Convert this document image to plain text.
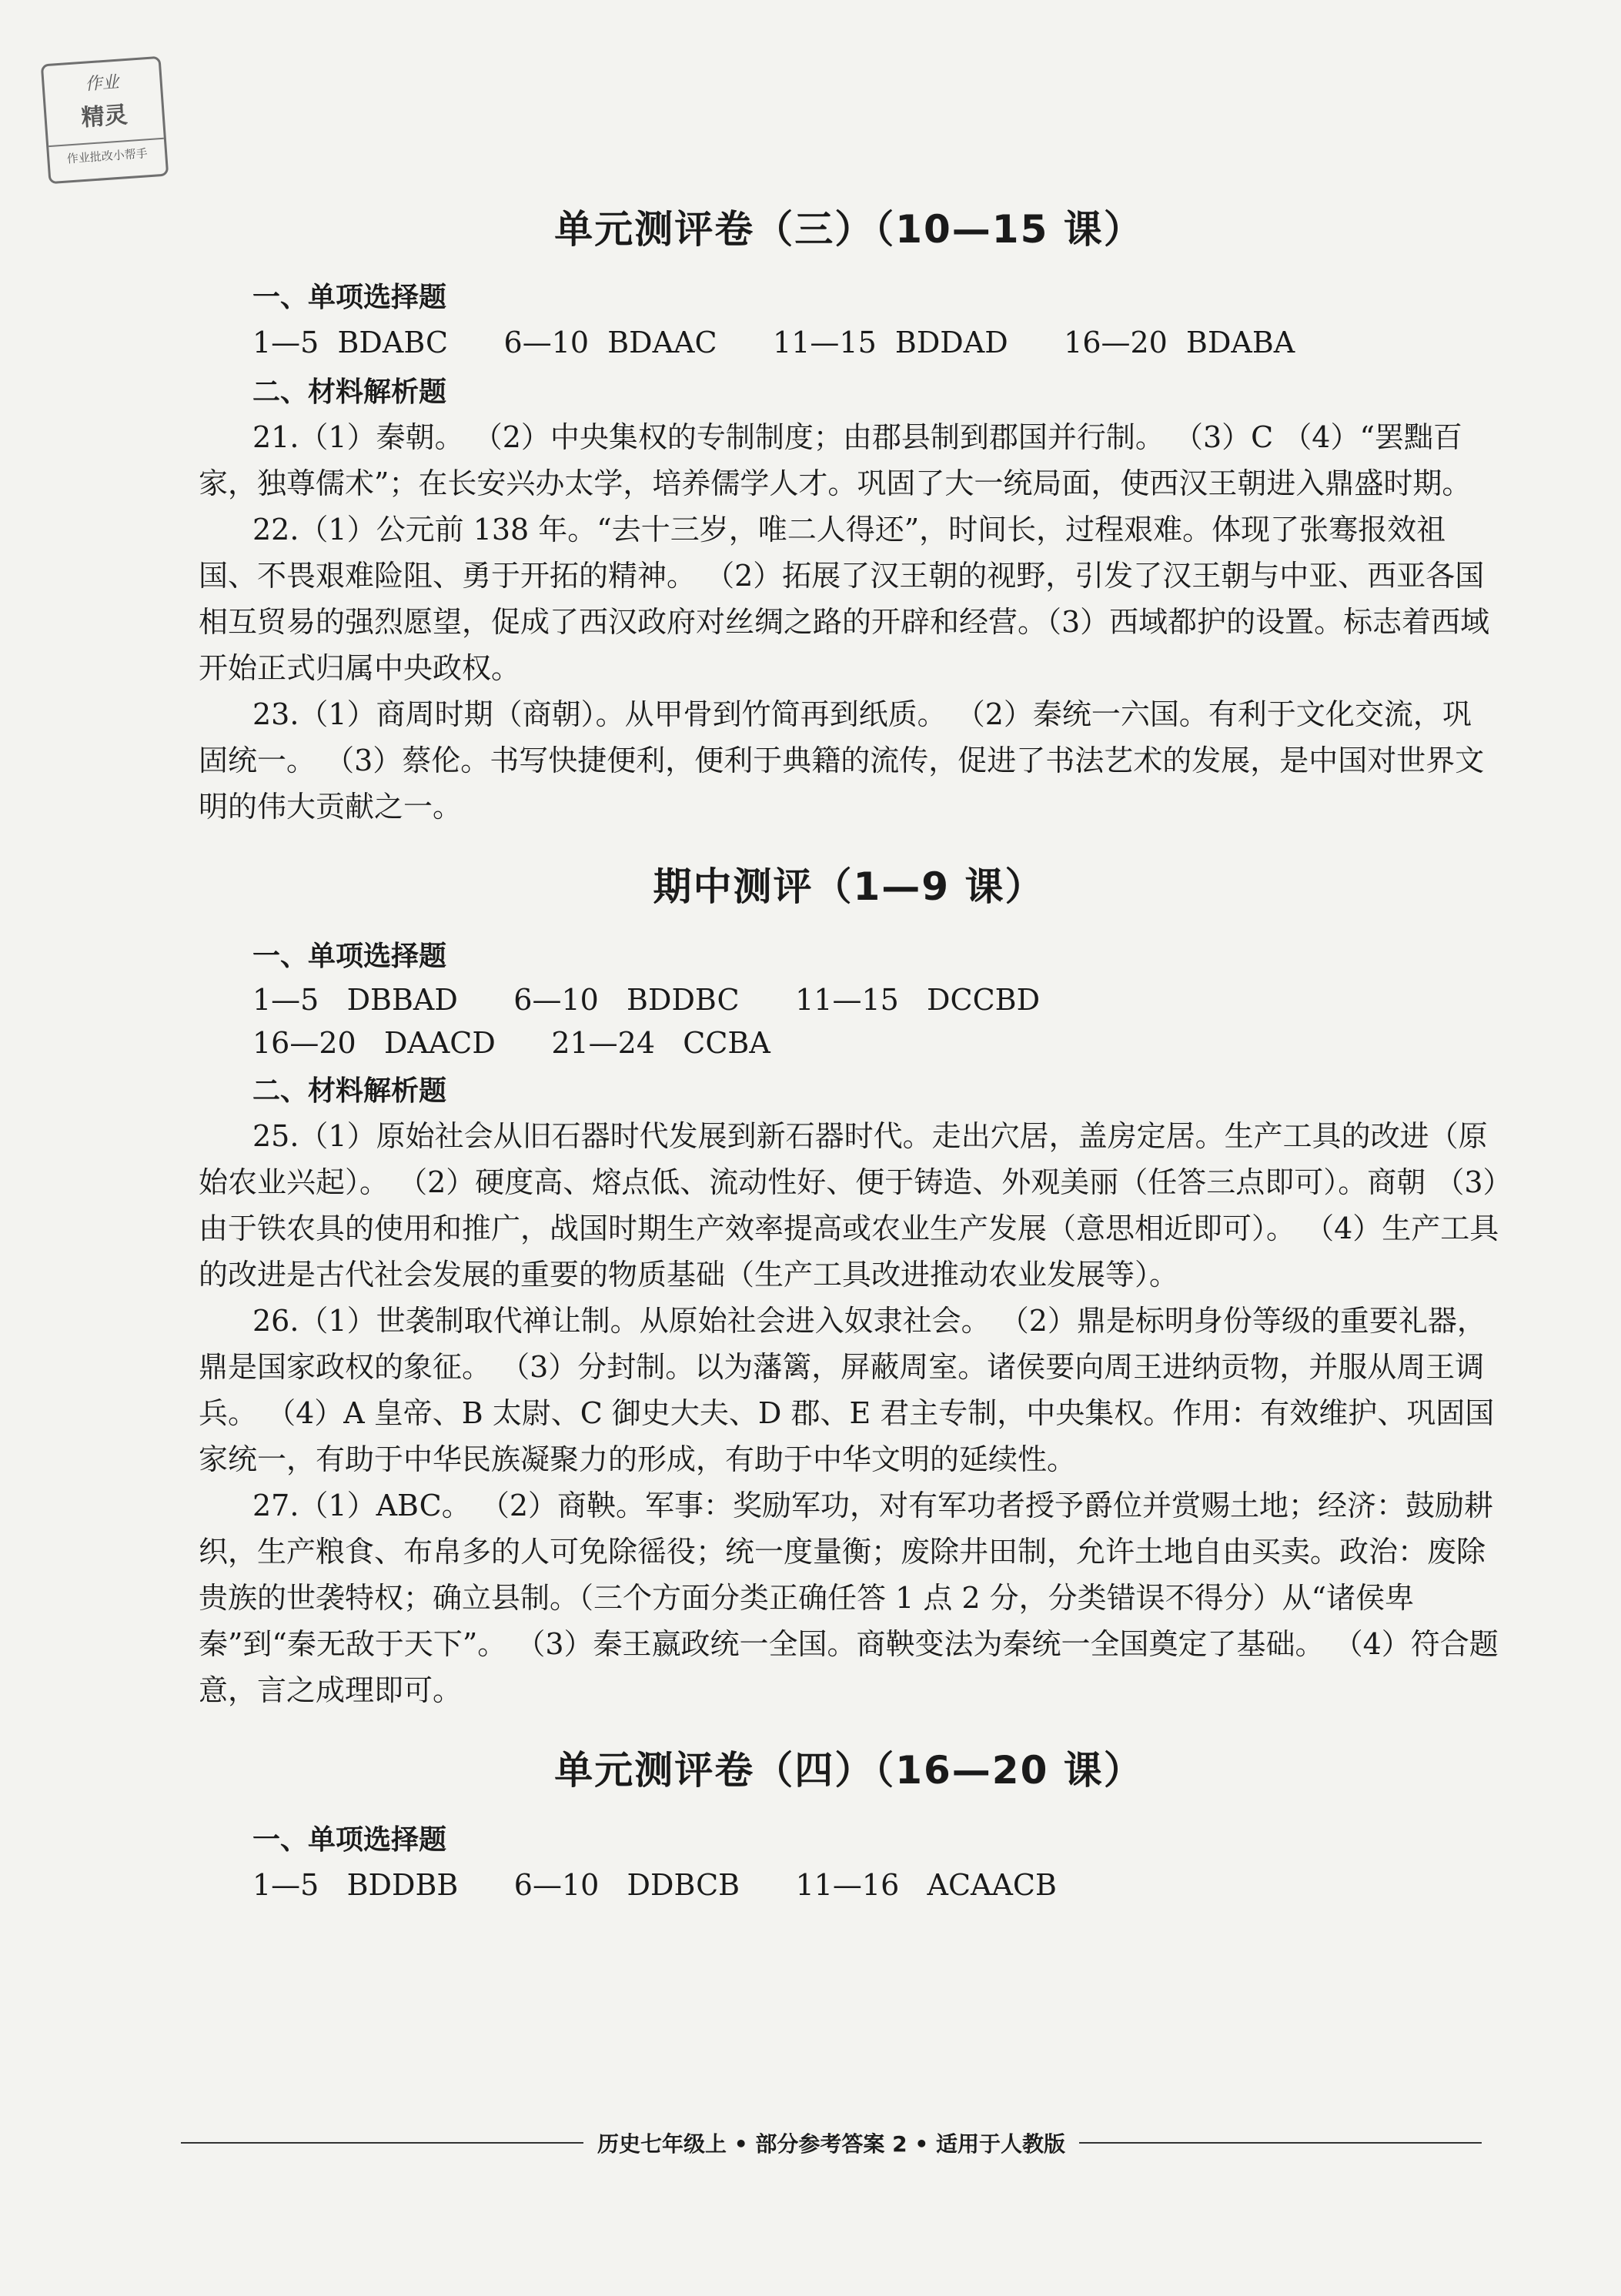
作业
精灵
作业批改小帮手
单元测评卷（三）（10—15 课）
一、单项选择题
1—5  BDABC      6—10  BDAAC      11—15  BDDAD      16—20  BDABA
二、材料解析题

21.（1）秦朝。 （2）中央集权的专制制度；由郡县制到郡国并行制。 （3）C （4）“罢黜百家，独尊儒术”；在长安兴办太学，培养儒学人才。巩固了大一统局面，使西汉王朝进入鼎盛时期。

22.（1）公元前 138 年。“去十三岁，唯二人得还”，时间长，过程艰难。体现了张骞报效祖国、不畏艰难险阻、勇于开拓的精神。 （2）拓展了汉王朝的视野，引发了汉王朝与中亚、西亚各国相互贸易的强烈愿望，促成了西汉政府对丝绸之路的开辟和经营。（3）西域都护的设置。标志着西域开始正式归属中央政权。

23.（1）商周时期（商朝）。从甲骨到竹简再到纸质。 （2）秦统一六国。有利于文化交流，巩固统一。 （3）蔡伦。书写快捷便利，便利于典籍的流传，促进了书法艺术的发展，是中国对世界文明的伟大贡献之一。

期中测评（1—9 课）
一、单项选择题
1—5   DBBAD      6—10   BDDBC      11—15   DCCBD
16—20   DAACD      21—24   CCBA
二、材料解析题

25.（1）原始社会从旧石器时代发展到新石器时代。走出穴居，盖房定居。生产工具的改进（原始农业兴起）。 （2）硬度高、熔点低、流动性好、便于铸造、外观美丽（任答三点即可）。商朝 （3）由于铁农具的使用和推广，战国时期生产效率提高或农业生产发展（意思相近即可）。 （4）生产工具的改进是古代社会发展的重要的物质基础（生产工具改进推动农业发展等）。

26.（1）世袭制取代禅让制。从原始社会进入奴隶社会。 （2）鼎是标明身份等级的重要礼器，鼎是国家政权的象征。 （3）分封制。以为藩篱，屏蔽周室。诸侯要向周王进纳贡物，并服从周王调兵。 （4）A 皇帝、B 太尉、C 御史大夫、D 郡、E 君主专制，中央集权。作用：有效维护、巩固国家统一，有助于中华民族凝聚力的形成，有助于中华文明的延续性。

27.（1）ABC。 （2）商鞅。军事：奖励军功，对有军功者授予爵位并赏赐土地；经济：鼓励耕织，生产粮食、布帛多的人可免除徭役；统一度量衡；废除井田制，允许土地自由买卖。政治：废除贵族的世袭特权；确立县制。（三个方面分类正确任答 1 点 2 分，分类错误不得分）从“诸侯卑秦”到“秦无敌于天下”。 （3）秦王嬴政统一全国。商鞅变法为秦统一全国奠定了基础。 （4）符合题意，言之成理即可。

单元测评卷（四）（16—20 课）
一、单项选择题
1—5   BDDBB      6—10   DDBCB      11—16   ACAACB
历史七年级上 • 部分参考答案 2 • 适用于人教版
